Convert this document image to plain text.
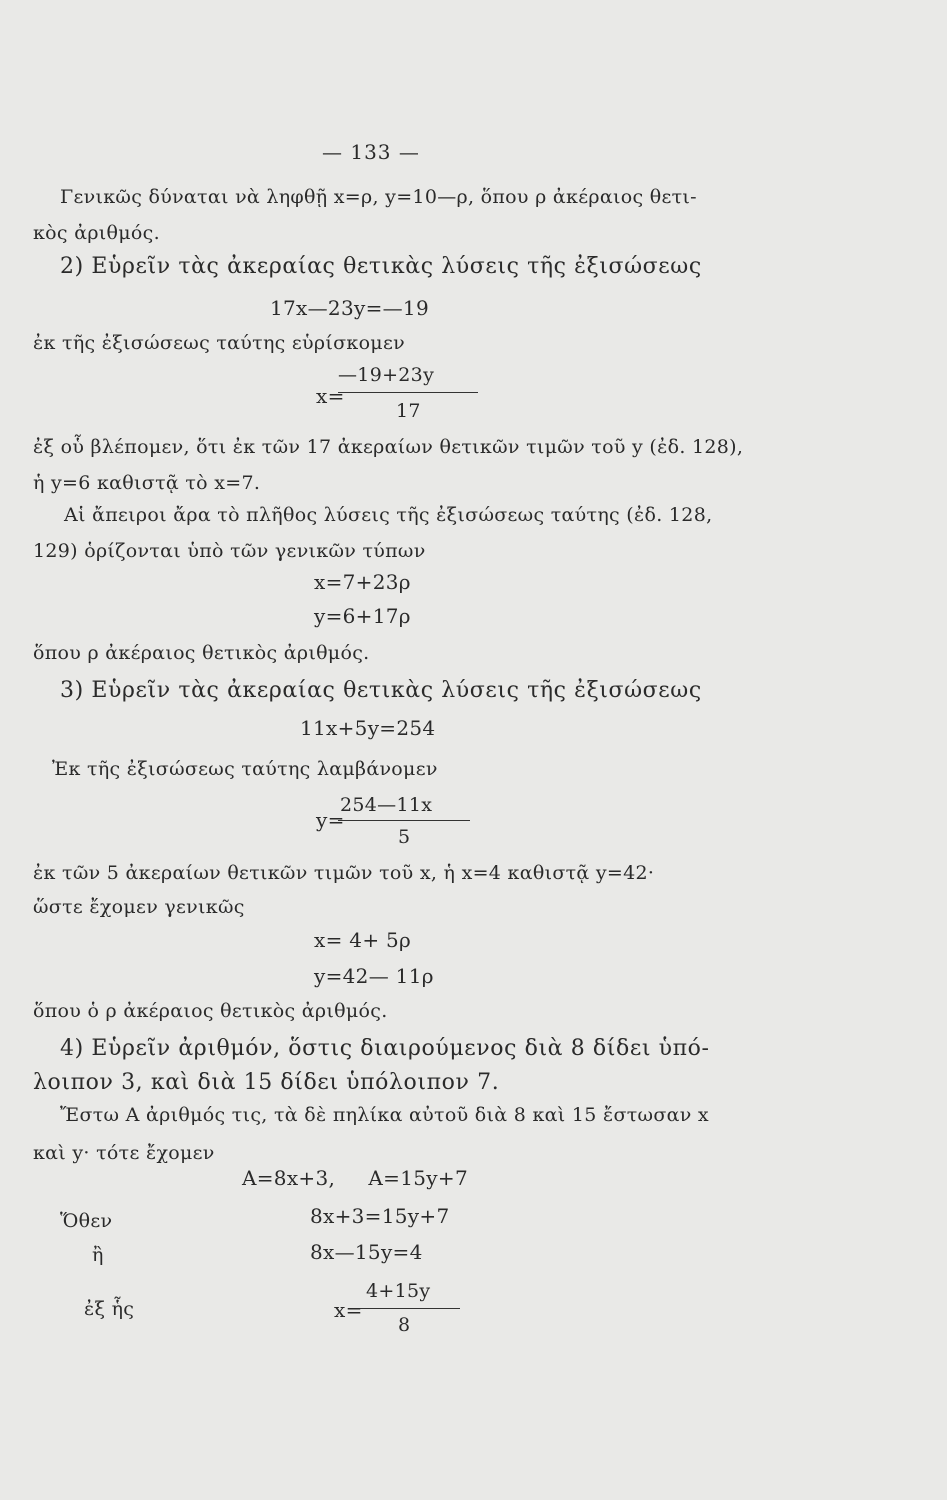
— 133 —
Γενικῶς δύναται νὰ ληφθῇ x=ρ, y=10—ρ, ὅπου ρ ἀκέραιος θετι-
κὸς ἀριθμός.
2) Εὑρεῖν τὰς ἀκεραίας θετικὰς λύσεις τῆς ἐξισώσεως
17x—23y=—19
ἐκ τῆς ἐξισώσεως ταύτης εὑρίσκομεν
x=
—19+23y
17
ἐξ οὗ βλέπομεν, ὅτι ἐκ τῶν 17 ἀκεραίων θετικῶν τιμῶν τοῦ y (ἐδ. 128),
ἡ y=6 καθιστᾷ τὸ x=7.
Αἱ ἄπειροι ἄρα τὸ πλῆθος λύσεις τῆς ἐξισώσεως ταύτης (ἐδ. 128,
129) ὁρίζονται ὑπὸ τῶν γενικῶν τύπων
x=7+23ρ
y=6+17ρ
ὅπου ρ ἀκέραιος θετικὸς ἀριθμός.
3) Εὑρεῖν τὰς ἀκεραίας θετικὰς λύσεις τῆς ἐξισώσεως
11x+5y=254
Ἐκ τῆς ἐξισώσεως ταύτης λαμβάνομεν
y=
254—11x
5
ἐκ τῶν 5 ἀκεραίων θετικῶν τιμῶν τοῦ x, ἡ x=4 καθιστᾷ y=42·
ὥστε ἔχομεν γενικῶς
x= 4+ 5ρ
y=42— 11ρ
ὅπου ὁ ρ ἀκέραιος θετικὸς ἀριθμός.
4) Εὑρεῖν ἀριθμόν, ὅστις διαιρούμενος διὰ 8 δίδει ὑπό-
λοιπον 3, καὶ διὰ 15 δίδει ὑπόλοιπον 7.
Ἔστω Α ἀριθμός τις, τὰ δὲ πηλίκα αὐτοῦ διὰ 8 καὶ 15 ἔστωσαν x
καὶ y· τότε ἔχομεν
Α=8x+3,     Α=15y+7
Ὅθεν	8x+3=15y+7
ἢ	8x—15y=4
ἐξ ἧς	x=
4+15y
8
